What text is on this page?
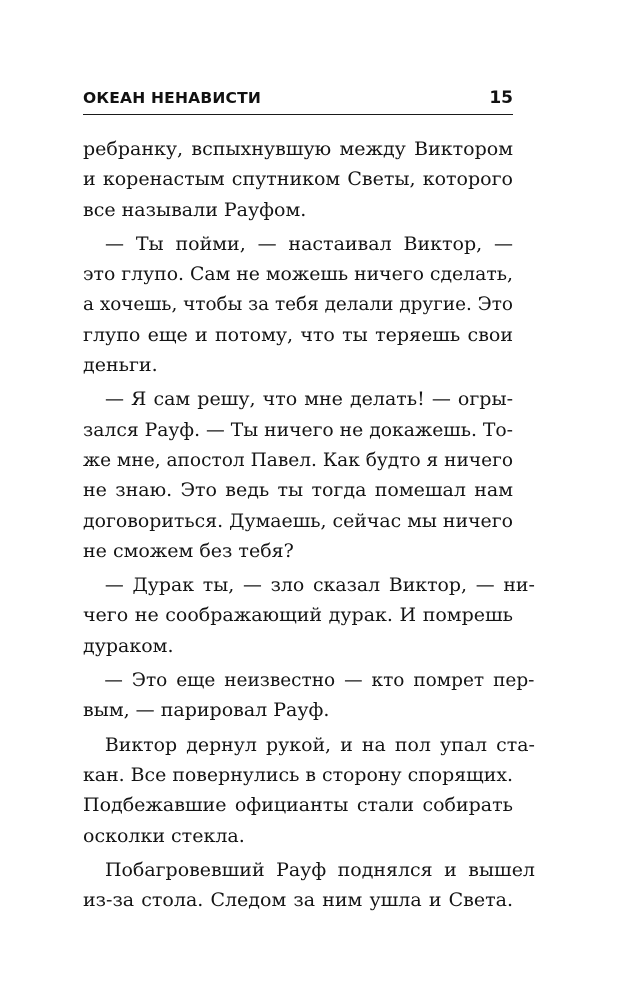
ОКЕАН НЕНАВИСТИ	15
ребранку, вспыхнувшую между Виктором
и коренастым спутником Светы, которого
все называли Рауфом.
— Ты пойми, — настаивал Виктор, —
это глупо. Сам не можешь ничего сделать,
а хочешь, чтобы за тебя делали другие. Это
глупо еще и потому, что ты теряешь свои
деньги.
— Я сам решу, что мне делать! — огры-
зался Рауф. — Ты ничего не докажешь. То-
же мне, апостол Павел. Как будто я ничего
не знаю. Это ведь ты тогда помешал нам
договориться. Думаешь, сейчас мы ничего
не сможем без тебя?
— Дурак ты, — зло сказал Виктор, — ни-
чего не соображающий дурак. И помрешь
дураком.
— Это еще неизвестно — кто помрет пер-
вым, — парировал Рауф.
Виктор дернул рукой, и на пол упал ста-
кан. Все повернулись в сторону спорящих.
Подбежавшие официанты стали собирать
осколки стекла.
Побагровевший Рауф поднялся и вышел
из-за стола. Следом за ним ушла и Света.
